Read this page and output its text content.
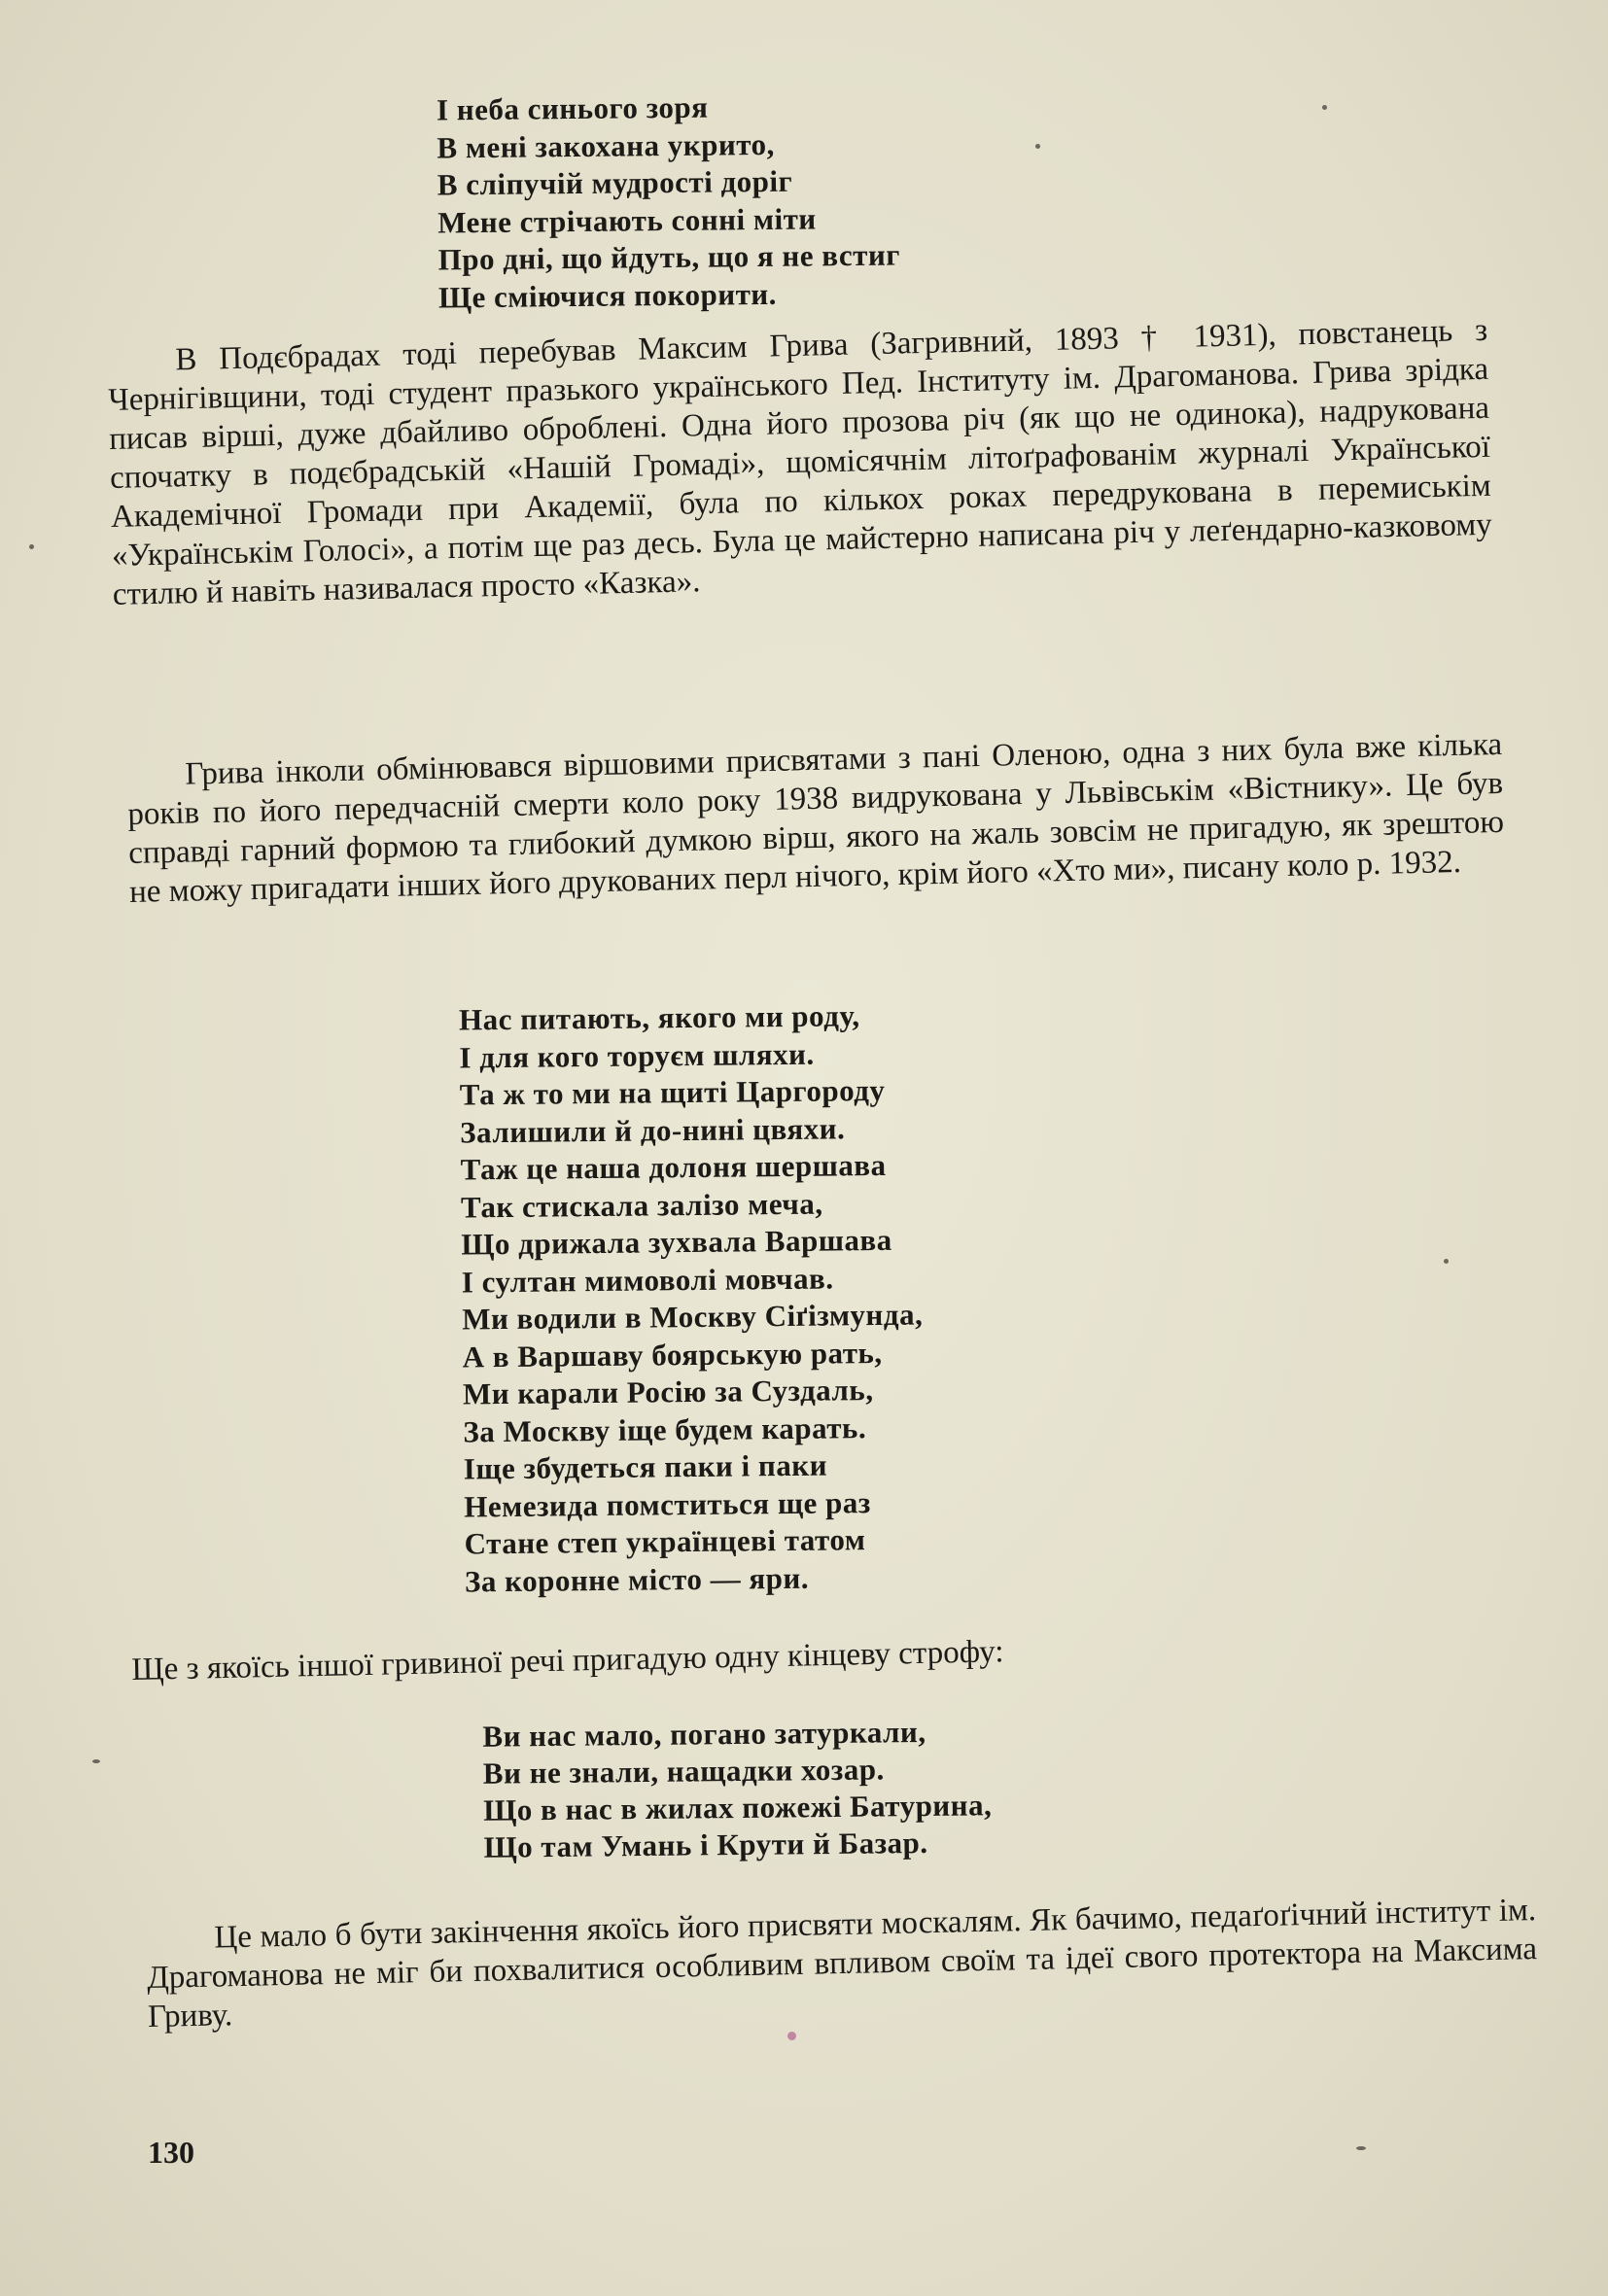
І неба синього зоря
В мені закохана укрито,
В сліпучій мудрості доріг
Мене стрічають сонні міти
Про дні, що йдуть, що я не встиг
Ще сміючися покорити.

В Подєбрадах тоді перебував Максим Грива (Загривний, 1893 † 1931), повстанець з Чернігівщини, тоді студент празького українського Пед. Інституту ім. Драгоманова. Грива зрідка писав вірші, дуже дбайливо оброблені. Одна його прозова річ (як що не одинока), надрукована спочатку в подєбрадській «Нашій Громаді», щомісячнім літоґрафованім журналі Української Академічної Громади при Академії, була по кількох роках передрукована в перемиськім «Українськім Голосі», а потім ще раз десь. Була це майстерно написана річ у леґендарно-казковому стилю й навіть називалася просто «Казка».

Грива інколи обмінювався віршовими присвятами з пані Оленою, одна з них була вже кілька років по його передчасній смерти коло року 1938 видрукована у Львівськім «Вістнику». Це був справді гарний формою та глибокий думкою вірш, якого на жаль зовсім не пригадую, як зрештою не можу пригадати інших його друкованих перл нічого, крім його «Хто ми», писану коло р. 1932.

Нас питають, якого ми роду,
І для кого торуєм шляхи.
Та ж то ми на щиті Царгороду
Залишили й до-нині цвяхи.
Таж це наша долоня шершава
Так стискала залізо меча,
Що дрижала зухвала Варшава
І султан мимоволі мовчав.
Ми водили в Москву Сіґізмунда,
А в Варшаву боярськую рать,
Ми карали Росію за Суздаль,
За Москву іще будем карать.
Іще збудеться паки і паки
Немезида помститься ще раз
Стане степ українцеві татом
За коронне місто — яри.
Ще з якоїсь іншої гривиної речі пригадую одну кінцеву строфу:
Ви нас мало, погано затуркали,
Ви не знали, нащадки хозар.
Що в нас в жилах пожежі Батурина,
Що там Умань і Крути й Базар.

Це мало б бути закінчення якоїсь його присвяти москалям. Як бачимо, педаґоґічний інститут ім. Драгоманова не міг би похвалитися особливим впливом своїм та ідеї свого протектора на Максима Гриву.

130
